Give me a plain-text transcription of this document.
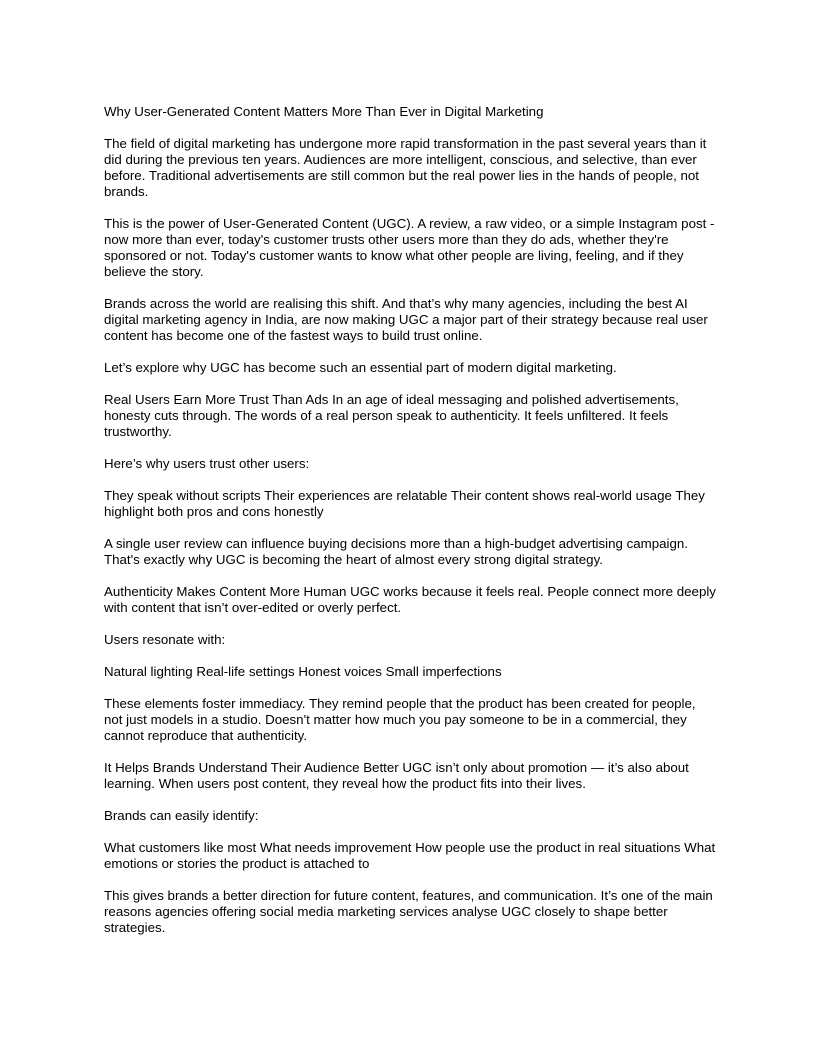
Why User-Generated Content Matters More Than Ever in Digital Marketing

The field of digital marketing has undergone more rapid transformation in the past several years than it did during the previous ten years. Audiences are more intelligent, conscious, and selective, than ever before. Traditional advertisements are still common but the real power lies in the hands of people, not brands.

This is the power of User-Generated Content (UGC). A review, a raw video, or a simple Instagram post - now more than ever, today's customer trusts other users more than they do ads, whether they're sponsored or not. Today's customer wants to know what other people are living, feeling, and if they believe the story.

Brands across the world are realising this shift. And that’s why many agencies, including the best AI digital marketing agency in India, are now making UGC a major part of their strategy because real user content has become one of the fastest ways to build trust online.

Let’s explore why UGC has become such an essential part of modern digital marketing.

Real Users Earn More Trust Than Ads In an age of ideal messaging and polished advertisements, honesty cuts through. The words of a real person speak to authenticity. It feels unfiltered. It feels trustworthy.

Here’s why users trust other users:

They speak without scripts Their experiences are relatable Their content shows real-world usage They highlight both pros and cons honestly

A single user review can influence buying decisions more than a high-budget advertising campaign. That's exactly why UGC is becoming the heart of almost every strong digital strategy.

Authenticity Makes Content More Human UGC works because it feels real. People connect more deeply with content that isn’t over-edited or overly perfect.

Users resonate with:

Natural lighting Real-life settings Honest voices Small imperfections

These elements foster immediacy. They remind people that the product has been created for people, not just models in a studio. Doesn't matter how much you pay someone to be in a commercial, they cannot reproduce that authenticity.

It Helps Brands Understand Their Audience Better UGC isn’t only about promotion — it’s also about learning. When users post content, they reveal how the product fits into their lives.

Brands can easily identify:

What customers like most What needs improvement How people use the product in real situations What emotions or stories the product is attached to

This gives brands a better direction for future content, features, and communication. It’s one of the main reasons agencies offering social media marketing services analyse UGC closely to shape better strategies.
